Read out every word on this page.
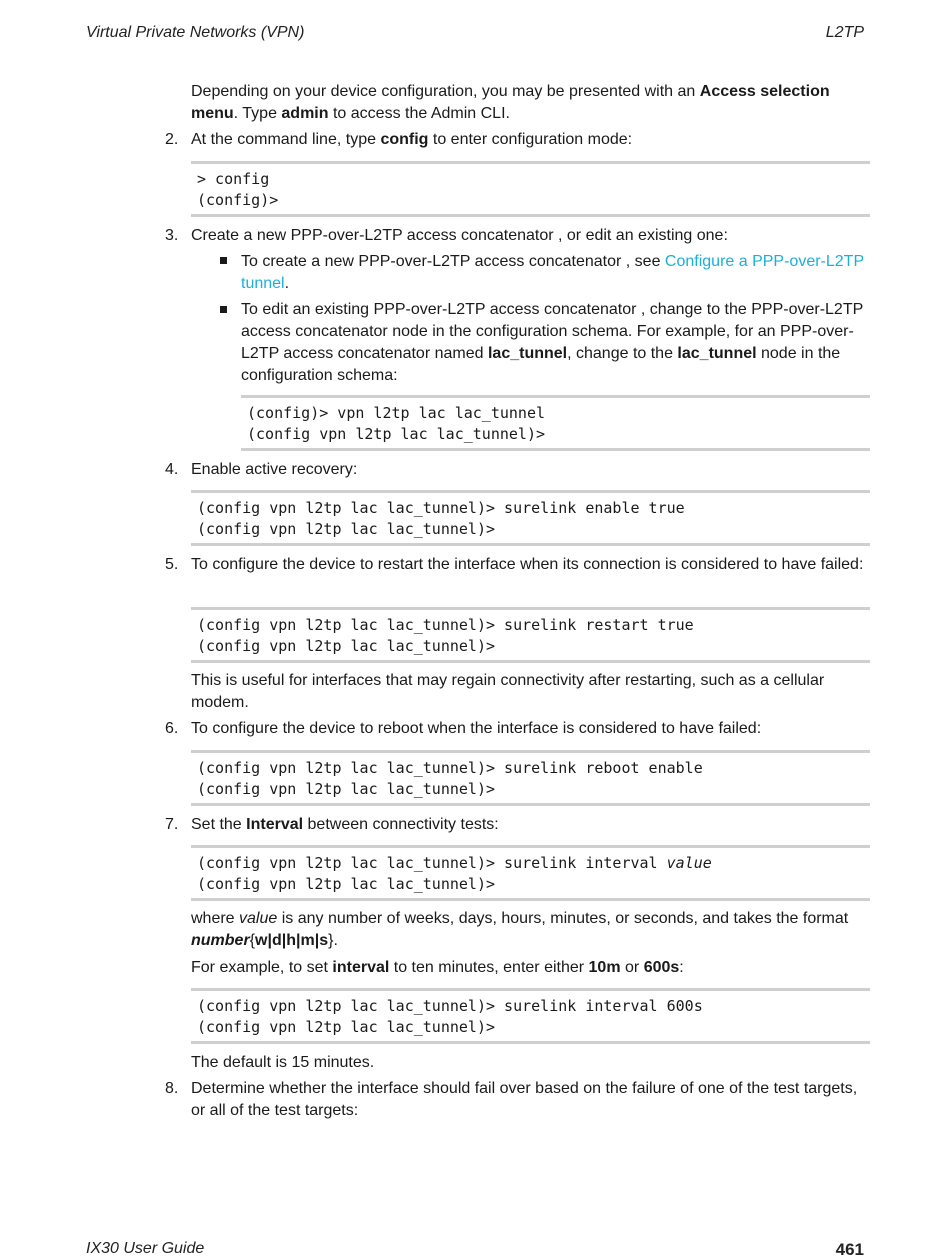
Virtual Private Networks (VPN)	L2TP

Depending on your device configuration, you may be presented with an Access selection menu. Type admin to access the Admin CLI.

2. At the command line, type config to enter configuration mode:

> config
(config)>
3. Create a new PPP-over-L2TP access concatenator , or edit an existing one:

To create a new PPP-over-L2TP access concatenator , see Configure a PPP-over-L2TP tunnel.

To edit an existing PPP-over-L2TP access concatenator , change to the PPP-over-L2TP access concatenator node in the configuration schema. For example, for an PPP-over-L2TP access concatenator named lac_tunnel, change to the lac_tunnel node in the configuration schema:

(config)> vpn l2tp lac lac_tunnel
(config vpn l2tp lac lac_tunnel)>
4. Enable active recovery:

(config vpn l2tp lac lac_tunnel)> surelink enable true
(config vpn l2tp lac lac_tunnel)>
5. To configure the device to restart the interface when its connection is considered to have failed:

(config vpn l2tp lac lac_tunnel)> surelink restart true
(config vpn l2tp lac lac_tunnel)>

This is useful for interfaces that may regain connectivity after restarting, such as a cellular modem.

6. To configure the device to reboot when the interface is considered to have failed:

(config vpn l2tp lac lac_tunnel)> surelink reboot enable
(config vpn l2tp lac lac_tunnel)>
7. Set the Interval between connectivity tests:

(config vpn l2tp lac lac_tunnel)> surelink interval value
(config vpn l2tp lac lac_tunnel)>

where value is any number of weeks, days, hours, minutes, or seconds, and takes the format number{w|d|h|m|s}.

For example, to set interval to ten minutes, enter either 10m or 600s:

(config vpn l2tp lac lac_tunnel)> surelink interval 600s
(config vpn l2tp lac lac_tunnel)>

The default is 15 minutes.

8. Determine whether the interface should fail over based on the failure of one of the test targets, or all of the test targets:

IX30 User Guide	461
